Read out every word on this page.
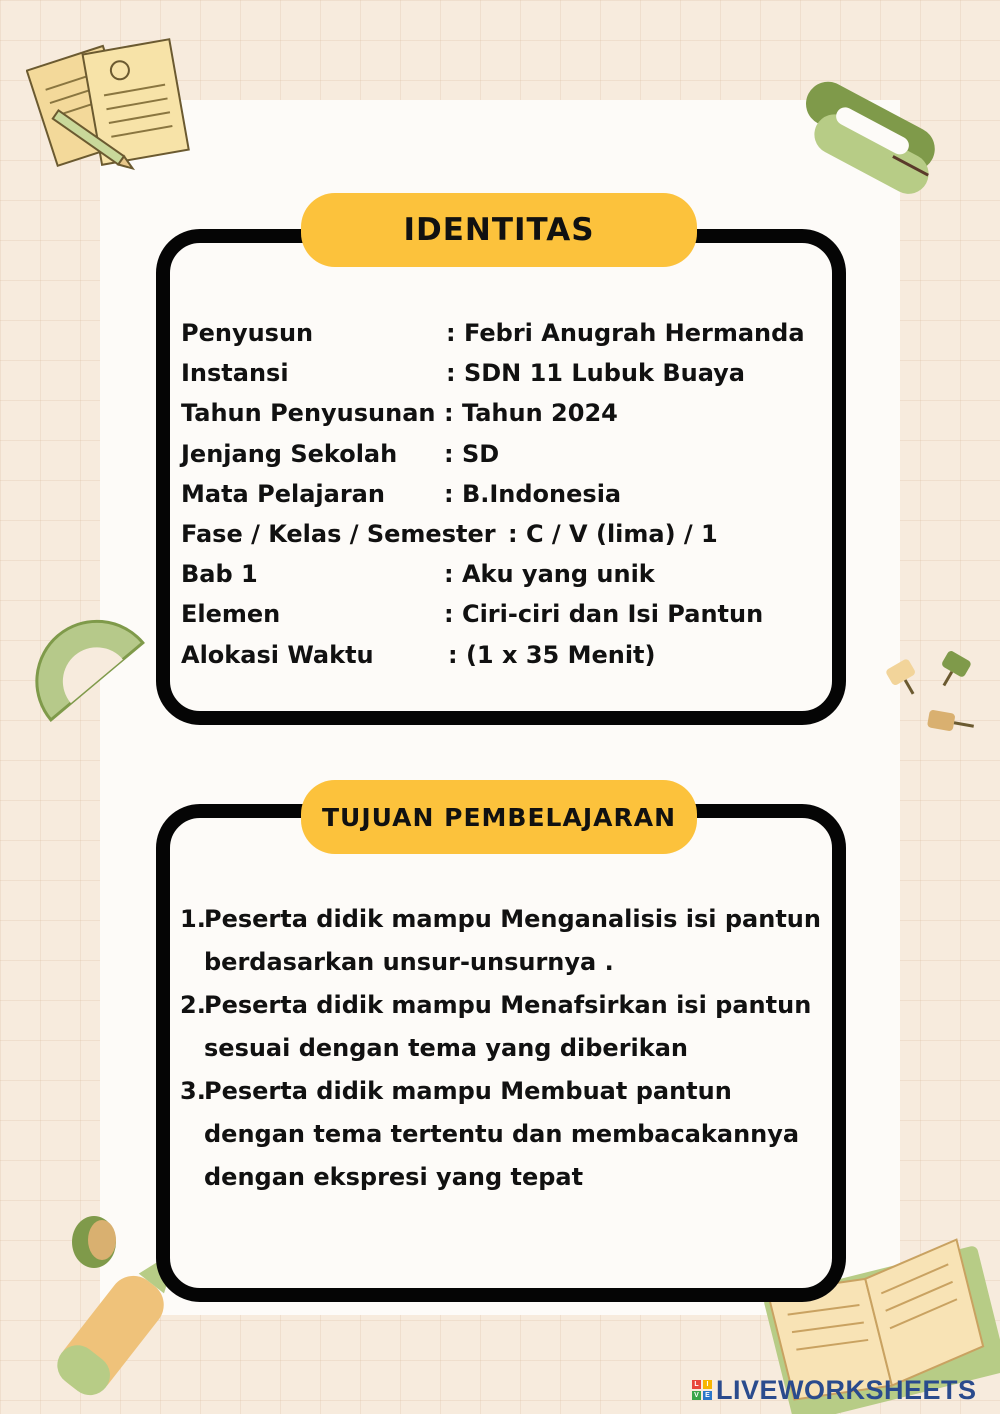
IDENTITAS
Penyusun	: Febri Anugrah Hermanda
Instansi	: SDN 11 Lubuk Buaya
Tahun Penyusunan : Tahun 2024
Jenjang Sekolah : SD
Mata Pelajaran : B.Indonesia
Fase / Kelas / Semester : C / V (lima) / 1
Bab 1	: Aku yang unik
Elemen	: Ciri-ciri dan Isi Pantun
Alokasi Waktu	: (1 x 35 Menit)
TUJUAN PEMBELAJARAN
1.
Peserta didik mampu Menganalisis isi pantun berdasarkan unsur-unsurnya .
2.
Peserta didik mampu Menafsirkan isi pantun sesuai dengan tema yang diberikan
3.
Peserta didik mampu Membuat pantun dengan tema tertentu dan membacakannya dengan ekspresi yang tepat
L	I
V E LIVEWORKSHEETS
